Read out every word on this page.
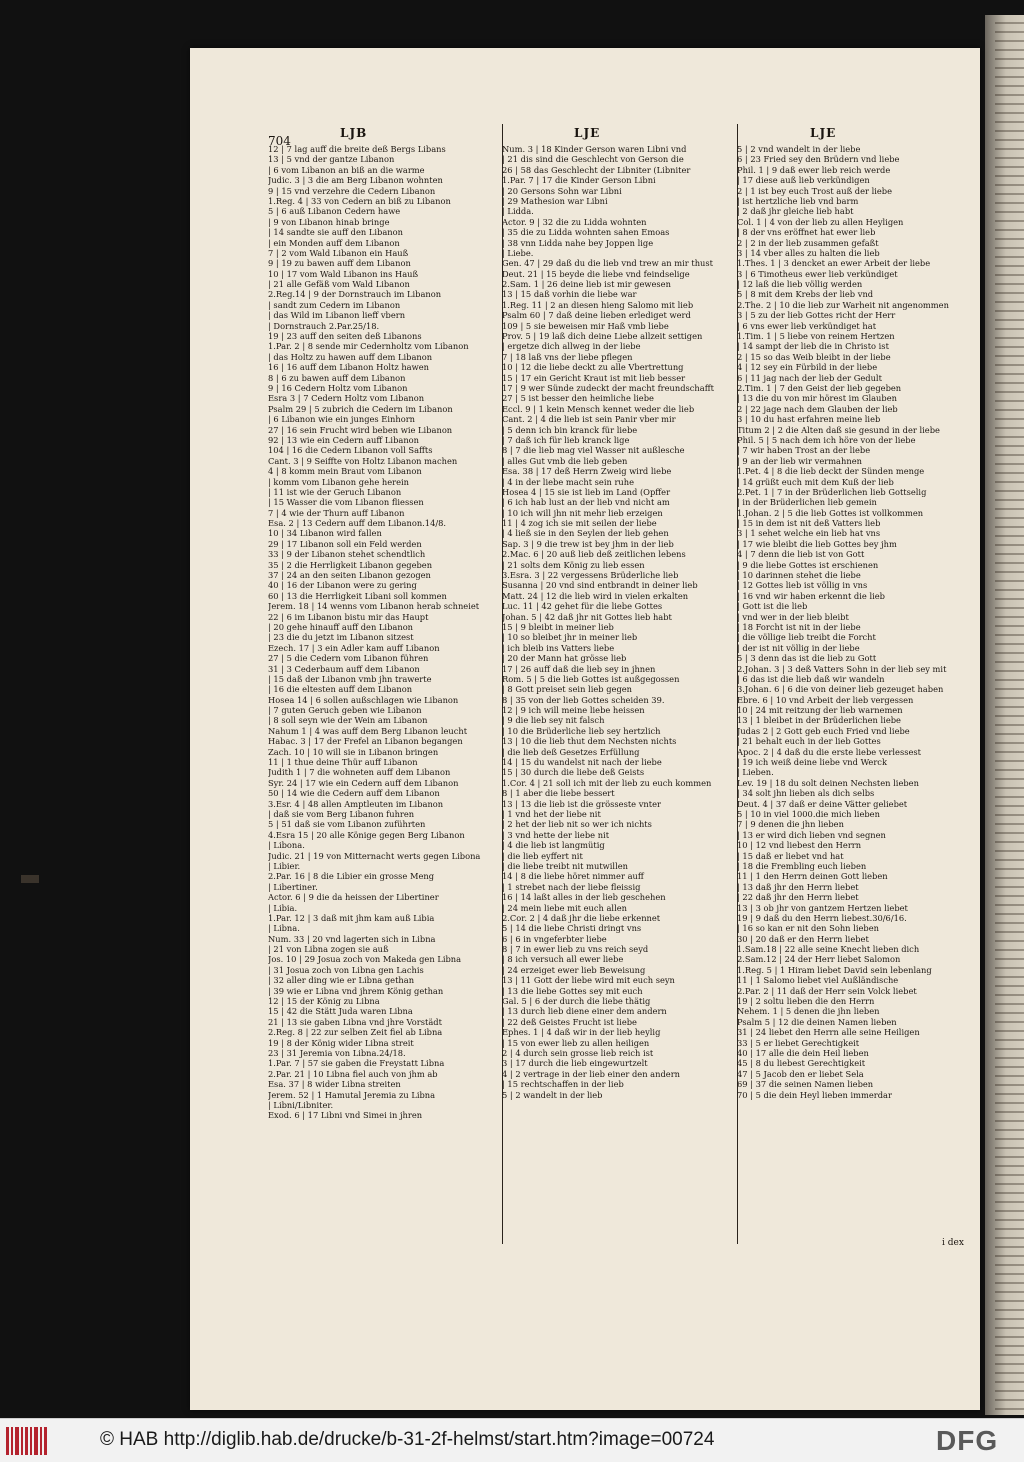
704
LJB	LJE	LJE
12 | 7 lag auff die breite deß Bergs Libans
13 | 5 vnd der gantze Libanon
| 6 vom Libanon an biß an die warme
Judic. 3 | 3 die am Berg Libanon wohnten
9 | 15 vnd verzehre die Cedern Libanon
1.Reg. 4 | 33 von Cedern an biß zu Libanon
5 | 6 auß Libanon Cedern hawe
| 9 von Libanon hinab bringe
| 14 sandte sie auff den Libanon
| ein Monden auff dem Libanon
7 | 2 vom Wald Libanon ein Hauß
9 | 19 zu bawen auff dem Libanon
10 | 17 vom Wald Libanon ins Hauß
| 21 alle Gefäß vom Wald Libanon
2.Reg.14 | 9 der Dornstrauch im Libanon
| sandt zum Cedern im Libanon
| das Wild im Libanon lieff vbern
| Dornstrauch 2.Par.25/18.
19 | 23 auff den seiten deß Libanons
1.Par. 2 | 8 sende mir Cedernholtz vom Libanon
| das Holtz zu hawen auff dem Libanon
16 | 16 auff dem Libanon Holtz hawen
8 | 6 zu bawen auff dem Libanon
9 | 16 Cedern Holtz vom Libanon
Esra 3 | 7 Cedern Holtz vom Libanon
Psalm 29 | 5 zubrich die Cedern im Libanon
| 6 Libanon wie ein junges Einhorn
27 | 16 sein Frucht wird beben wie Libanon
92 | 13 wie ein Cedern auff Libanon
104 | 16 die Cedern Libanon voll Saffts
Cant. 3 | 9 Seiffte von Holtz Libanon machen
4 | 8 komm mein Braut vom Libanon
| komm vom Libanon gehe herein
| 11 ist wie der Geruch Libanon
| 15 Wasser die vom Libanon fliessen
7 | 4 wie der Thurn auff Libanon
Esa. 2 | 13 Cedern auff dem Libanon.14/8.
10 | 34 Libanon wird fallen
29 | 17 Libanon soll ein Feld werden
33 | 9 der Libanon stehet schendtlich
35 | 2 die Herrligkeit Libanon gegeben
37 | 24 an den seiten Libanon gezogen
40 | 16 der Libanon were zu gering
60 | 13 die Herrligkeit Libani soll kommen
Jerem. 18 | 14 wenns vom Libanon herab schneiet
22 | 6 im Libanon bistu mir das Haupt
| 20 gehe hinauff auff den Libanon
| 23 die du jetzt im Libanon sitzest
Ezech. 17 | 3 ein Adler kam auff Libanon
27 | 5 die Cedern vom Libanon führen
31 | 3 Cederbaum auff dem Libanon
| 15 daß der Libanon vmb jhn trawerte
| 16 die eltesten auff dem Libanon
Hosea 14 | 6 sollen außschlagen wie Libanon
| 7 guten Geruch geben wie Libanon
| 8 soll seyn wie der Wein am Libanon
Nahum 1 | 4 was auff dem Berg Libanon leucht
Habac. 3 | 17 der Frefel an Libanon begangen
Zach. 10 | 10 will sie in Libanon bringen
11 | 1 thue deine Thür auff Libanon
Judith 1 | 7 die wohneten auff dem Libanon
Syr. 24 | 17 wie ein Cedern auff dem Libanon
50 | 14 wie die Cedern auff dem Libanon
3.Esr. 4 | 48 allen Amptleuten im Libanon
| daß sie vom Berg Libanon fuhren
5 | 51 daß sie vom Libanon zuführten
4.Esra 15 | 20 alle Könige gegen Berg Libanon
| Libona.
Judic. 21 | 19 von Mitternacht werts gegen Libona
| Libier.
2.Par. 16 | 8 die Libier ein grosse Meng
| Libertiner.
Actor. 6 | 9 die da heissen der Libertiner
| Libia.
1.Par. 12 | 3 daß mit jhm kam auß Libia
| Libna.
Num. 33 | 20 vnd lagerten sich in Libna
| 21 von Libna zogen sie auß
Jos. 10 | 29 Josua zoch von Makeda gen Libna
| 31 Josua zoch von Libna gen Lachis
| 32 aller ding wie er Libna gethan
| 39 wie er Libna vnd jhrem König gethan
12 | 15 der König zu Libna
15 | 42 die Stätt Juda waren Libna
21 | 13 sie gaben Libna vnd jhre Vorstädt
2.Reg. 8 | 22 zur selben Zeit fiel ab Libna
19 | 8 der König wider Libna streit
23 | 31 Jeremia von Libna.24/18.
1.Par. 7 | 57 sie gaben die Freystatt Libna
2.Par. 21 | 10 Libna fiel auch von jhm ab
Esa. 37 | 8 wider Libna streiten
Jerem. 52 | 1 Hamutal Jeremia zu Libna
| Libni/Libniter.
Exod. 6 | 17 Libni vnd Simei in jhren
Num. 3 | 18 Kinder Gerson waren Libni vnd
| 21 dis sind die Geschlecht von Gerson die
26 | 58 das Geschlecht der Libniter (Libniter
1.Par. 7 | 17 die Kinder Gerson Libni
| 20 Gersons Sohn war Libni
| 29 Mathesion war Libni
| Lidda.
Actor. 9 | 32 die zu Lidda wohnten
| 35 die zu Lidda wohnten sahen Emoas
| 38 vnn Lidda nahe bey Joppen lige
| Liebe.
Gen. 47 | 29 daß du die lieb vnd trew an mir thust
Deut. 21 | 15 beyde die liebe vnd feindselige
2.Sam. 1 | 26 deine lieb ist mir gewesen
13 | 15 daß vorhin die liebe war
1.Reg. 11 | 2 an diesen hieng Salomo mit lieb
Psalm 60 | 7 daß deine lieben erlediget werd
109 | 5 sie beweisen mir Haß vmb liebe
Prov. 5 | 19 laß dich deine Liebe allzeit settigen
| ergetze dich allweg in der liebe
7 | 18 laß vns der liebe pflegen
10 | 12 die liebe deckt zu alle Vbertrettung
15 | 17 ein Gericht Kraut ist mit lieb besser
17 | 9 wer Sünde zudeckt der macht freundschafft
27 | 5 ist besser den heimliche liebe
Eccl. 9 | 1 kein Mensch kennet weder die lieb
Cant. 2 | 4 die lieb ist sein Panir vber mir
| 5 denn ich bin kranck für liebe
| 7 daß ich für lieb kranck lige
8 | 7 die lieb mag viel Wasser nit außlesche
| alles Gut vmb die lieb geben
Esa. 38 | 17 deß Herrn Zweig wird liebe
| 4 in der liebe macht sein ruhe
Hosea 4 | 15 sie ist lieb im Land (Opffer
| 6 ich hab lust an der lieb vnd nicht am
| 10 ich will jhn nit mehr lieb erzeigen
11 | 4 zog ich sie mit seilen der liebe
| 4 ließ sie in den Seylen der lieb gehen
Sap. 3 | 9 die trew ist bey jhm in der lieb
2.Mac. 6 | 20 auß lieb deß zeitlichen lebens
| 21 solts dem König zu lieb essen
3.Esra. 3 | 22 vergessens Brüderliche lieb
Susanna | 20 vnd sind entbrandt in deiner lieb
Matt. 24 | 12 die lieb wird in vielen erkalten
Luc. 11 | 42 gehet für die liebe Gottes
Johan. 5 | 42 daß jhr nit Gottes lieb habt
15 | 9 bleibt in meiner lieb
| 10 so bleibet jhr in meiner lieb
| ich bleib ins Vatters liebe
| 20 der Mann hat grösse lieb
17 | 26 auff daß die lieb sey in jhnen
Rom. 5 | 5 die lieb Gottes ist außgegossen
| 8 Gott preiset sein lieb gegen
8 | 35 von der lieb Gottes scheiden 39.
12 | 9 ich will meine liebe heissen
| 9 die lieb sey nit falsch
| 10 die Brüderliche lieb sey hertzlich
13 | 10 die lieb thut dem Nechsten nichts
| die lieb deß Gesetzes Erfüllung
14 | 15 du wandelst nit nach der liebe
15 | 30 durch die liebe deß Geists
1.Cor. 4 | 21 soll ich mit der lieb zu euch kommen
8 | 1 aber die liebe bessert
13 | 13 die lieb ist die grösseste vnter
| 1 vnd het der liebe nit
| 2 het der lieb nit so wer ich nichts
| 3 vnd hette der liebe nit
| 4 die lieb ist langmütig
| die lieb eyffert nit
| die liebe treibt nit mutwillen
14 | 8 die liebe höret nimmer auff
| 1 strebet nach der liebe fleissig
16 | 14 laßt alles in der lieb geschehen
| 24 mein liebe mit euch allen
2.Cor. 2 | 4 daß jhr die liebe erkennet
5 | 14 die liebe Christi dringt vns
6 | 6 in vngeferbter liebe
8 | 7 in ewer lieb zu vns reich seyd
| 8 ich versuch all ewer liebe
| 24 erzeiget ewer lieb Beweisung
13 | 11 Gott der liebe wird mit euch seyn
| 13 die liebe Gottes sey mit euch
Gal. 5 | 6 der durch die liebe thätig
| 13 durch lieb diene einer dem andern
| 22 deß Geistes Frucht ist liebe
Ephes. 1 | 4 daß wir in der lieb heylig
| 15 von ewer lieb zu allen heiligen
2 | 4 durch sein grosse lieb reich ist
3 | 17 durch die lieb eingewurtzelt
4 | 2 vertrage in der lieb einer den andern
| 15 rechtschaffen in der lieb
5 | 2 wandelt in der lieb
5 | 2 vnd wandelt in der liebe
6 | 23 Fried sey den Brüdern vnd liebe
Phil. 1 | 9 daß ewer lieb reich werde
| 17 diese auß lieb verkündigen
2 | 1 ist bey euch Trost auß der liebe
| ist hertzliche lieb vnd barm
| 2 daß jhr gleiche lieb habt
Col. 1 | 4 von der lieb zu allen Heyligen
| 8 der vns eröffnet hat ewer lieb
2 | 2 in der lieb zusammen gefaßt
3 | 14 vber alles zu halten die lieb
1.Thes. 1 | 3 dencket an ewer Arbeit der liebe
3 | 6 Timotheus ewer lieb verkündiget
| 12 laß die lieb völlig werden
5 | 8 mit dem Krebs der lieb vnd
2.The. 2 | 10 die lieb zur Warheit nit angenommen
3 | 5 zu der lieb Gottes richt der Herr
| 6 vns ewer lieb verkündiget hat
1.Tim. 1 | 5 liebe von reinem Hertzen
| 14 sampt der lieb die in Christo ist
2 | 15 so das Weib bleibt in der liebe
4 | 12 sey ein Fürbild in der liebe
6 | 11 jag nach der lieb der Gedult
2.Tim. 1 | 7 den Geist der lieb gegeben
| 13 die du von mir hörest im Glauben
2 | 22 jage nach dem Glauben der lieb
3 | 10 du hast erfahren meine lieb
Titum 2 | 2 die Alten daß sie gesund in der liebe
Phil. 5 | 5 nach dem ich höre von der liebe
| 7 wir haben Trost an der liebe
| 9 an der lieb wir vermahnen
1.Pet. 4 | 8 die lieb deckt der Sünden menge
| 14 grüßt euch mit dem Kuß der lieb
2.Pet. 1 | 7 in der Brüderlichen lieb Gottselig
| in der Brüderlichen lieb gemein
1.Johan. 2 | 5 die lieb Gottes ist vollkommen
| 15 in dem ist nit deß Vatters lieb
3 | 1 sehet welche ein lieb hat vns
| 17 wie bleibt die lieb Gottes bey jhm
4 | 7 denn die lieb ist von Gott
| 9 die liebe Gottes ist erschienen
| 10 darinnen stehet die liebe
| 12 Gottes lieb ist völlig in vns
| 16 vnd wir haben erkennt die lieb
| Gott ist die lieb
| vnd wer in der lieb bleibt
| 18 Forcht ist nit in der liebe
| die völlige lieb treibt die Forcht
| der ist nit völlig in der liebe
5 | 3 denn das ist die lieb zu Gott
2.Johan. 3 | 3 deß Vatters Sohn in der lieb sey mit
| 6 das ist die lieb daß wir wandeln
3.Johan. 6 | 6 die von deiner lieb gezeuget haben
Ebre. 6 | 10 vnd Arbeit der lieb vergessen
10 | 24 mit reitzung der lieb warnemen
13 | 1 bleibet in der Brüderlichen liebe
Judas 2 | 2 Gott geb euch Fried vnd liebe
| 21 behalt euch in der lieb Gottes
Apoc. 2 | 4 daß du die erste liebe verlessest
| 19 ich weiß deine liebe vnd Werck
| Lieben.
Lev. 19 | 18 du solt deinen Nechsten lieben
| 34 solt jhn lieben als dich selbs
Deut. 4 | 37 daß er deine Vätter geliebet
5 | 10 in viel 1000.die mich lieben
7 | 9 denen die jhn lieben
| 13 er wird dich lieben vnd segnen
10 | 12 vnd liebest den Herrn
| 15 daß er liebet vnd hat
| 18 die Frembling euch lieben
11 | 1 den Herrn deinen Gott lieben
| 13 daß jhr den Herrn liebet
| 22 daß jhr den Herrn liebet
13 | 3 ob jhr von gantzem Hertzen liebet
19 | 9 daß du den Herrn liebest.30/6/16.
| 16 so kan er nit den Sohn lieben
30 | 20 daß er den Herrn liebet
1.Sam.18 | 22 alle seine Knecht lieben dich
2.Sam.12 | 24 der Herr liebet Salomon
1.Reg. 5 | 1 Hiram liebet David sein lebenlang
11 | 1 Salomo liebet viel Außländische
2.Par. 2 | 11 daß der Herr sein Volck liebet
19 | 2 soltu lieben die den Herrn
Nehem. 1 | 5 denen die jhn lieben
Psalm 5 | 12 die deinen Namen lieben
31 | 24 liebet den Herrn alle seine Heiligen
33 | 5 er liebet Gerechtigkeit
40 | 17 alle die dein Heil lieben
45 | 8 du liebest Gerechtigkeit
47 | 5 Jacob den er liebet Sela
69 | 37 die seinen Namen lieben
70 | 5 die dein Heyl lieben immerdar
i dex
© HAB http://diglib.hab.de/drucke/b-31-2f-helmst/start.htm?image=00724	DFG
